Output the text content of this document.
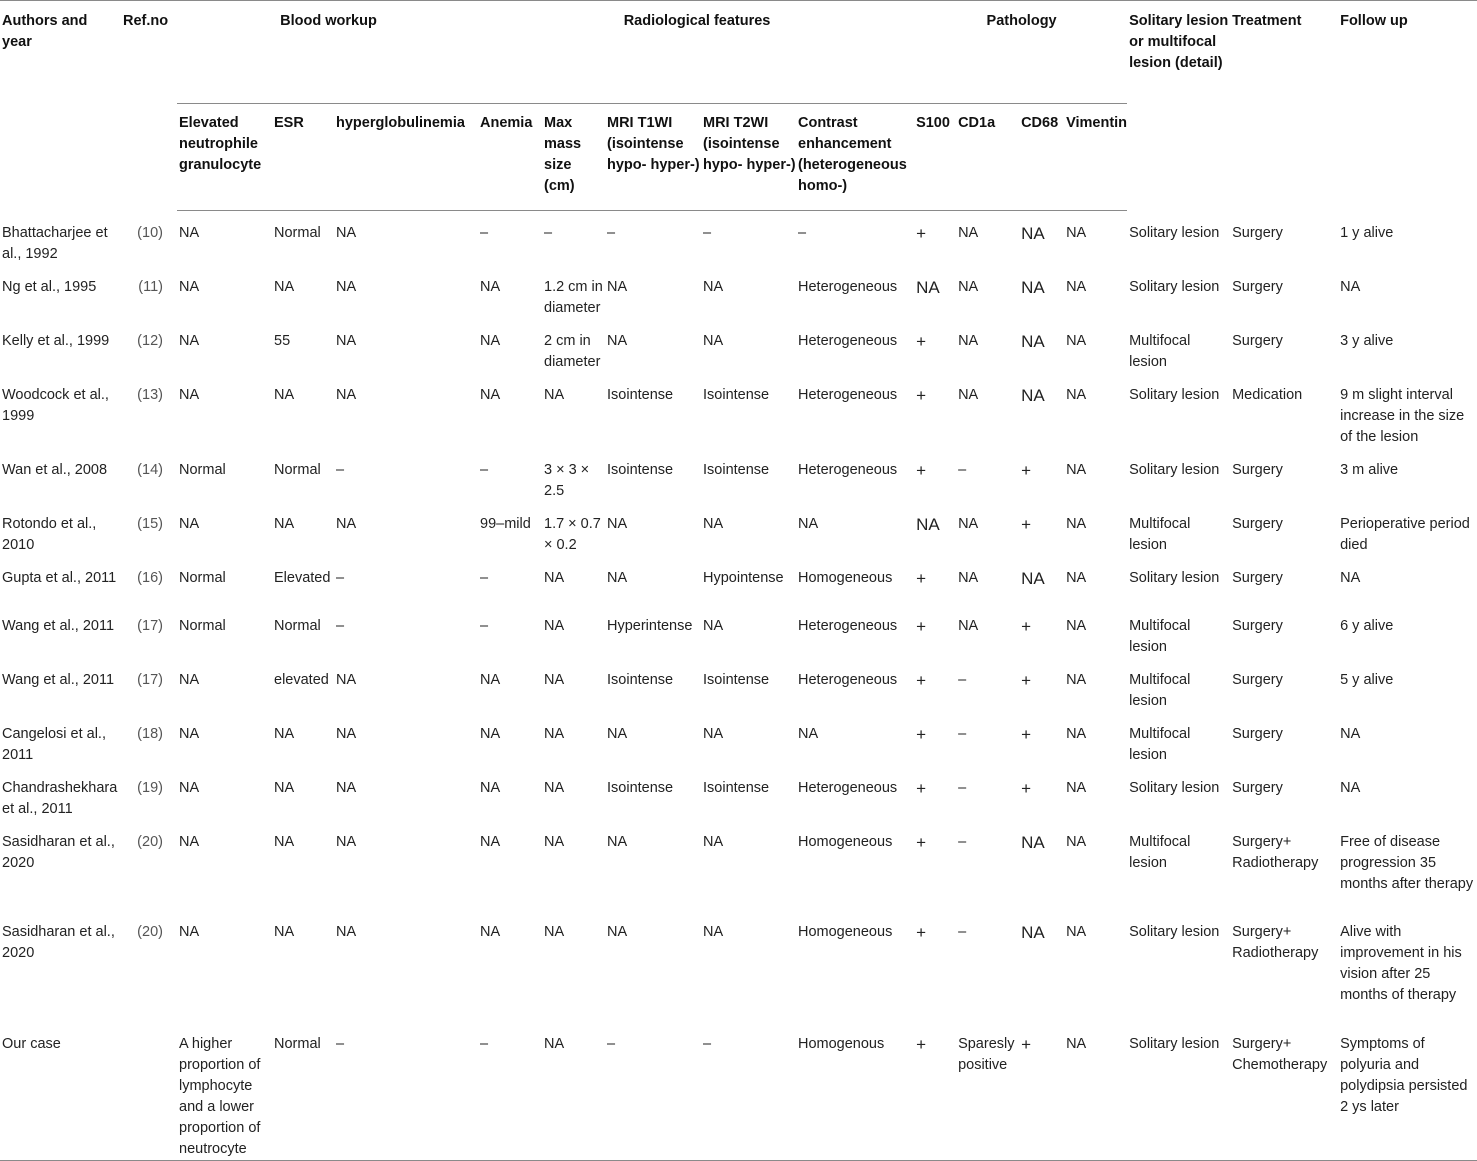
Authors and year	Ref.no	Blood workup			Radiological features					Pathology				Solitary lesion or multifocal lesion (detail)	Treatment	Follow up
		Elevated neutrophile granulocyte	ESR	hyperglobulinemia	Anemia	Max mass size (cm)	MRI T1WI (isointense hypo- hyper-)	MRI T2WI (isointense hypo- hyper-)	Contrast enhancement (heterogeneous homo-)	S100	CD1a	CD68	Vimentin			
Bhattacharjee et al., 1992	( 10 )	NA	Normal	NA	–	–	–	–	–	+	NA	NA	NA	Solitary lesion	Surgery	1 y alive
Ng et al., 1995	( 11 )	NA	NA	NA	NA	1.2 cm in diameter	NA	NA	Heterogeneous	NA	NA	NA	NA	Solitary lesion	Surgery	NA
Kelly et al., 1999	( 12 )	NA	55	NA	NA	2 cm in diameter	NA	NA	Heterogeneous	+	NA	NA	NA	Multifocal lesion	Surgery	3 y alive
Woodcock et al., 1999	( 13 )	NA	NA	NA	NA	NA	Isointense	Isointense	Heterogeneous	+	NA	NA	NA	Solitary lesion	Medication	9 m slight interval increase in the size of the lesion
Wan et al., 2008	( 14 )	Normal	Normal	–	–	3 × 3 × 2.5	Isointense	Isointense	Heterogeneous	+	–	+	NA	Solitary lesion	Surgery	3 m alive
Rotondo et al., 2010	( 15 )	NA	NA	NA	99–mild	1.7 × 0.7 × 0.2	NA	NA	NA	NA	NA	+	NA	Multifocal lesion	Surgery	Perioperative period died
Gupta et al., 2011	( 16 )	Normal	Elevated	–	–	NA	NA	Hypointense	Homogeneous	+	NA	NA	NA	Solitary lesion	Surgery	NA
Wang et al., 2011	( 17 )	Normal	Normal	–	–	NA	Hyperintense	NA	Heterogeneous	+	NA	+	NA	Multifocal lesion	Surgery	6 y alive
Wang et al., 2011	( 17 )	NA	elevated	NA	NA	NA	Isointense	Isointense	Heterogeneous	+	–	+	NA	Multifocal lesion	Surgery	5 y alive
Cangelosi et al., 2011	( 18 )	NA	NA	NA	NA	NA	NA	NA	NA	+	–	+	NA	Multifocal lesion	Surgery	NA
Chandrashekhara et al., 2011	( 19 )	NA	NA	NA	NA	NA	Isointense	Isointense	Heterogeneous	+	–	+	NA	Solitary lesion	Surgery	NA
Sasidharan et al., 2020	( 20 )	NA	NA	NA	NA	NA	NA	NA	Homogeneous	+	–	NA	NA	Multifocal lesion	Surgery+ Radiotherapy	Free of disease progression 35 months after therapy
Sasidharan et al., 2020	( 20 )	NA	NA	NA	NA	NA	NA	NA	Homogeneous	+	–	NA	NA	Solitary lesion	Surgery+ Radiotherapy	Alive with improvement in his vision after 25 months of therapy
Our case		A higher proportion of lymphocyte and a lower proportion of neutrocyte	Normal	–	–	NA	–	–	Homogenous	+	Sparesly positive	+	NA	Solitary lesion	Surgery+ Chemotherapy	Symptoms of polyuria and polydipsia persisted 2 ys later
